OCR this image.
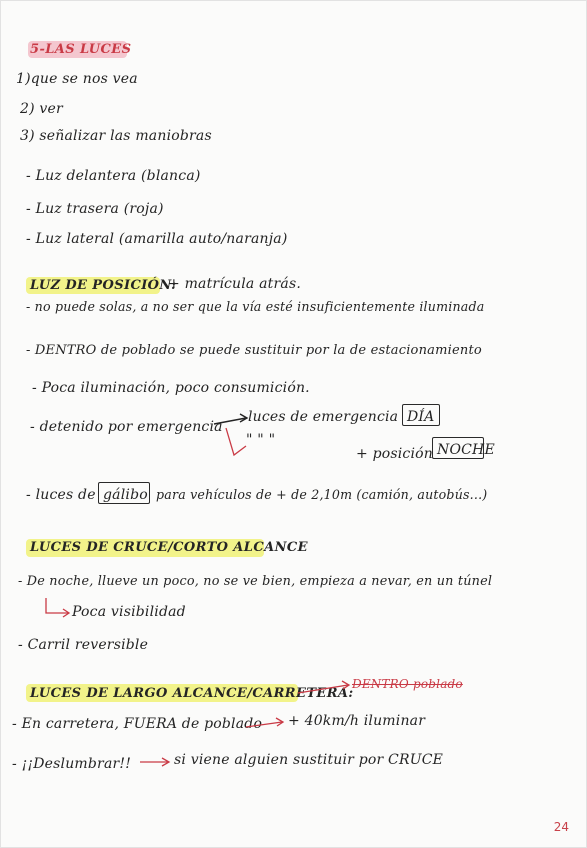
5-LAS LUCES
1)que se nos vea
2) ver
3) señalizar las maniobras
- Luz delantera (blanca)
- Luz trasera (roja)
- Luz lateral (amarilla auto/naranja)
LUZ DE POSICIÓN:
+ matrícula atrás.
- no puede solas, a no ser que la vía esté insuficientemente iluminada
- DENTRO de poblado se puede sustituir por la de estacionamiento
- Poca iluminación, poco consumición.
- detenido por emergencia
luces de emergencia DÍA
" " "
+ posición NOCHE
- luces de gálibo para vehículos de + de 2,10m (camión, autobús...)
LUCES DE CRUCE/CORTO ALCANCE
- De noche, llueve un poco, no se ve bien, empieza a nevar, en un túnel
Poca visibilidad
- Carril reversible
LUCES DE LARGO ALCANCE/CARRETERA:
DENTRO poblado
- En carretera, FUERA de poblado + 40km/h iluminar
- ¡¡Deslumbrar!!	si viene alguien sustituir por CRUCE
24
